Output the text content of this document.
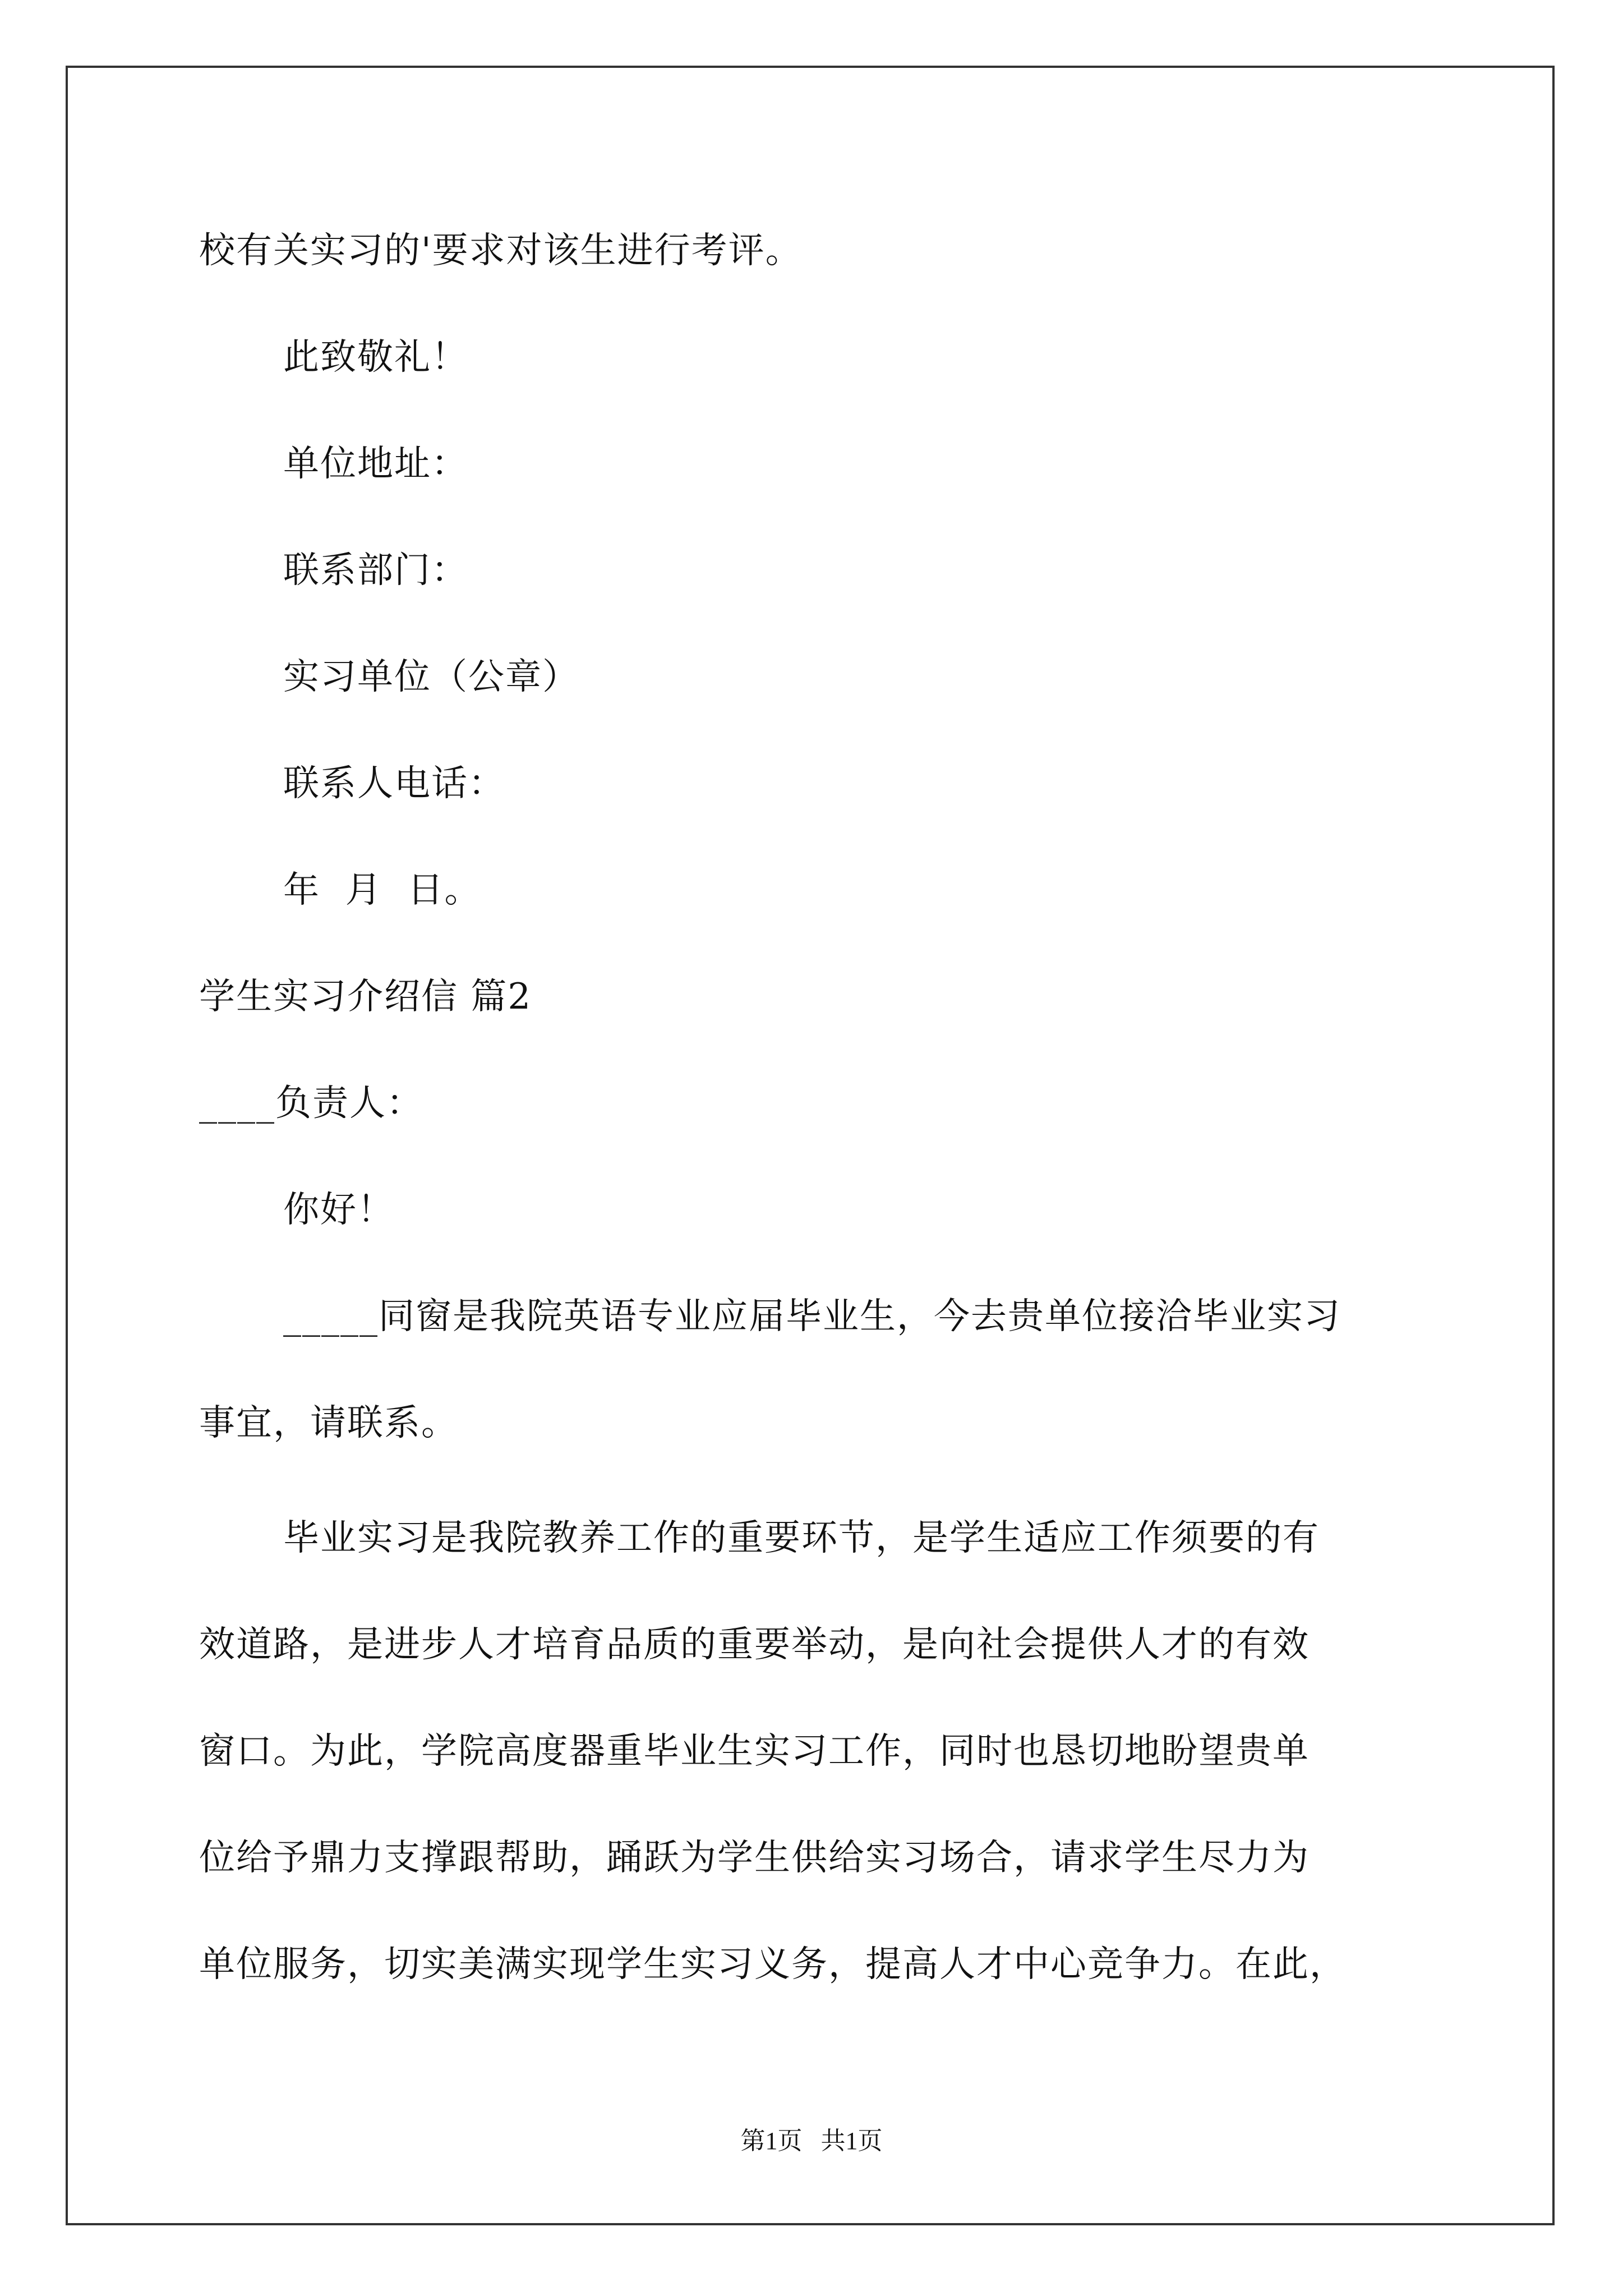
校有关实习的'要求对该生进行考评。
此致敬礼！
单位地址：
联系部门：
实习单位（公章）
联系人电话：
年  月  日。
学生实习介绍信 篇2
____负责人：
你好！
_____同窗是我院英语专业应届毕业生，今去贵单位接洽毕业实习
事宜，请联系。
毕业实习是我院教养工作的重要环节，是学生适应工作须要的有
效道路，是进步人才培育品质的重要举动，是向社会提供人才的有效
窗口。为此，学院高度器重毕业生实习工作，同时也恳切地盼望贵单
位给予鼎力支撑跟帮助，踊跃为学生供给实习场合，请求学生尽力为
单位服务，切实美满实现学生实习义务，提高人才中心竞争力。在此，
第1页   共1页
